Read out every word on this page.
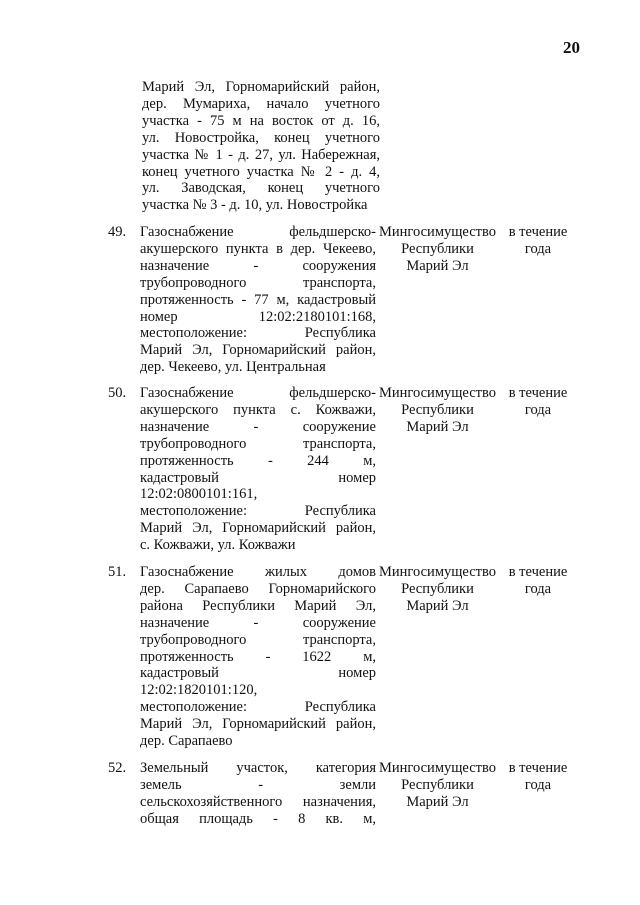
20
Марий Эл, Горномарийский район,
дер. Мумариха, начало учетного
участка - 75 м на восток от д. 16,
ул. Новостройка, конец учетного
участка № 1 - д. 27, ул. Набережная,
конец учетного участка № 2 - д. 4,
ул. Заводская, конец учетного
участка № 3 - д. 10, ул. Новостройка
49. Газоснабжение фельдшерско-
акушерского пункта в дер. Чекеево,
назначение - сооружения
трубопроводного транспорта,
протяженность - 77 м, кадастровый
номер 12:02:2180101:168,
местоположение: Республика
Марий Эл, Горномарийский район,
дер. Чекеево, ул. Центральная
Мингосимущество
Республики
Марий Эл
в течение
года
50. Газоснабжение фельдшерско-
акушерского пункта с. Кожважи,
назначение - сооружение
трубопроводного транспорта,
протяженность - 244 м,
кадастровый номер
12:02:0800101:161,
местоположение: Республика
Марий Эл, Горномарийский район,
с. Кожважи, ул. Кожважи
Мингосимущество
Республики
Марий Эл
в течение
года
51. Газоснабжение жилых домов
дер. Сарапаево Горномарийского
района Республики Марий Эл,
назначение - сооружение
трубопроводного транспорта,
протяженность - 1622 м,
кадастровый номер
12:02:1820101:120,
местоположение: Республика
Марий Эл, Горномарийский район,
дер. Сарапаево
Мингосимущество
Республики
Марий Эл
в течение
года
52. Земельный участок, категория
земель - земли
сельскохозяйственного назначения,
общая площадь - 8 кв. м,
Мингосимущество
Республики
Марий Эл
в течение
года
